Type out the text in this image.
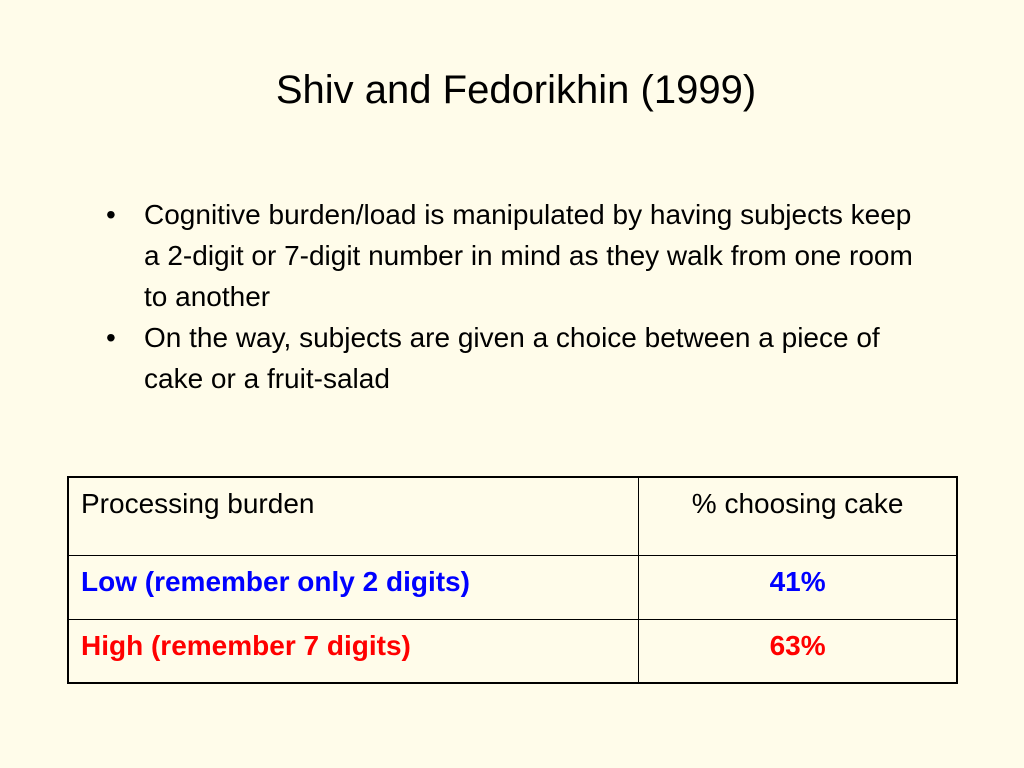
Shiv and Fedorikhin (1999)
• Cognitive burden/load is manipulated by having subjects keep a 2-digit or 7-digit number in mind as they walk from one room to another
• On the way, subjects are given a choice between a piece of cake or a fruit-salad
Processing burden	% choosing cake
Low (remember only 2 digits)	41%
High (remember 7 digits)	63%
